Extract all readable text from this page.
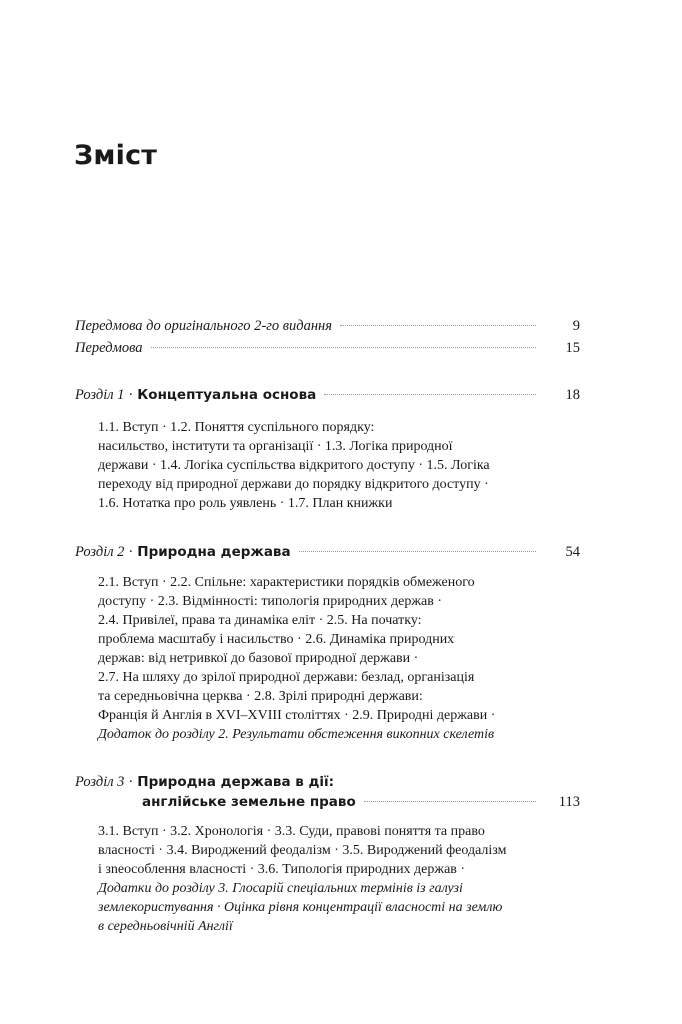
Зміст
Передмова до оригінального 2-го видання	9
Передмова	15
Розділ 1 · Концептуальна основа	18
1.1. Вступ · 1.2. Поняття суспільного порядку:
насильство, інститути та організації · 1.3. Логіка природної
держави · 1.4. Логіка суспільства відкритого доступу · 1.5. Логіка
переходу від природної держави до порядку відкритого доступу ·
1.6. Нотатка про роль уявлень · 1.7. План книжки
Розділ 2 · Природна держава	54
2.1. Вступ · 2.2. Спільне: характеристики порядків обмеженого
доступу · 2.3. Відмінності: типологія природних держав ·
2.4. Привілеї, права та динаміка еліт · 2.5. На початку:
проблема масштабу і насильство · 2.6. Динаміка природних
держав: від нетривкої до базової природної держави ·
2.7. На шляху до зрілої природної держави: безлад, організація
та середньовічна церква · 2.8. Зрілі природні держави:
Франція й Англія в XVI–XVIII століттях · 2.9. Природні держави ·
Додаток до розділу 2. Результати обстеження викопних скелетів
Розділ 3 · Природна держава в дії:
англійське земельне право	113
3.1. Вступ · 3.2. Хронологія · 3.3. Суди, правові поняття та право
власності · 3.4. Вироджений феодалізм · 3.5. Вироджений феодалізм
і зneoсоблення власності · 3.6. Типологія природних держав ·
Додатки до розділу 3. Глосарій спеціальних термінів із галузі
землекористування · Оцінка рівня концентрації власності на землю
в середньовічній Англії
